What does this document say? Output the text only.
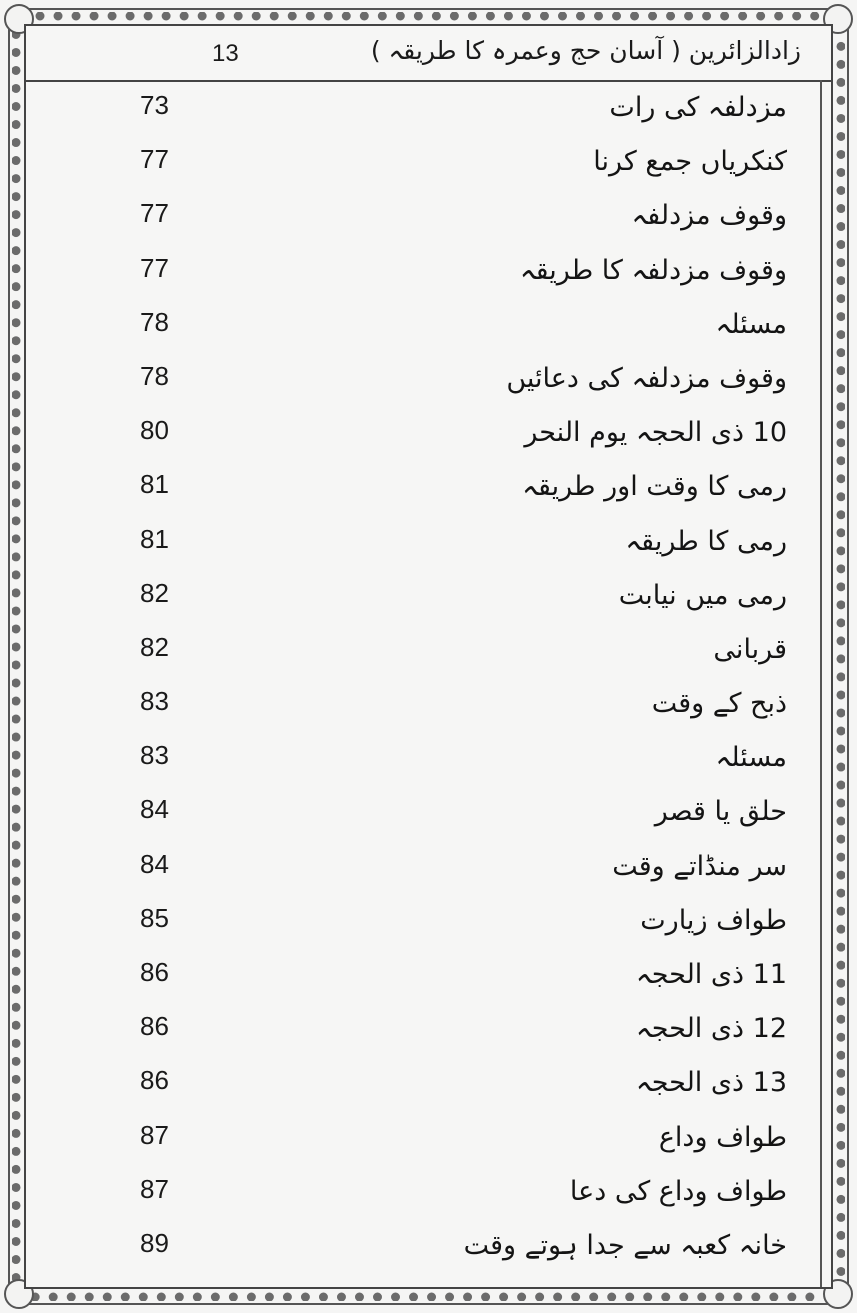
13	زادالزائرین ( آسان حج وعمرہ کا طریقہ )
73	مزدلفہ کی رات
77	کنکریاں جمع کرنا
77	وقوف مزدلفہ
77	وقوف مزدلفہ کا طریقہ
78	مسئلہ
78	وقوف مزدلفہ کی دعائیں
80	10 ذی الحجہ یوم النحر
81	رمی کا وقت اور طریقہ
81	رمی کا طریقہ
82	رمی میں نیابت
82	قربانی
83	ذبح کے وقت
83	مسئلہ
84	حلق یا قصر
84	سر منڈاتے وقت
85	طواف زیارت
86	11 ذی الحجہ
86	12 ذی الحجہ
86	13 ذی الحجہ
87	طواف وداع
87	طواف وداع کی دعا
89	خانہ کعبہ سے جدا ہوتے وقت
